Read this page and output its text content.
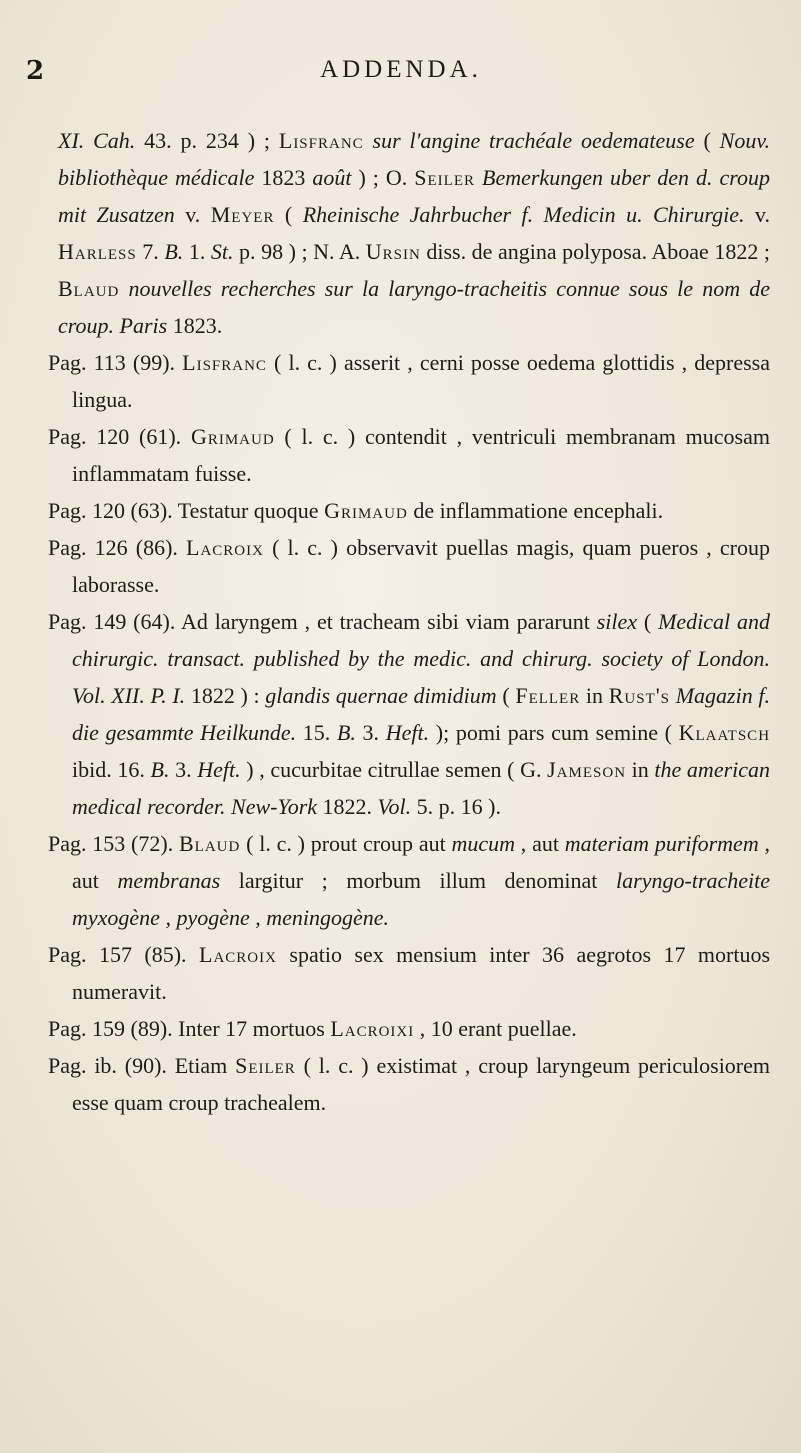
2	ADDENDA.

XI. Cah. 43. p. 234 ) ; Lisfranc sur l'angine trachéale oedemateuse ( Nouv. bibliothèque médicale 1823 août ) ; O. Seiler Bemerkungen uber den d. croup mit Zusatzen v. Meyer ( Rheinische Jahrbucher f. Medicin u. Chirurgie. v. Harless 7. B. 1. St. p. 98 ) ; N. A. Ursin diss. de angina polyposa. Aboae 1822 ; Blaud nouvelles recherches sur la laryngo-tracheitis connue sous le nom de croup. Paris 1823.

Pag. 113 (99). Lisfranc ( l. c. ) asserit , cerni posse oedema glottidis , depressa lingua.

Pag. 120 (61). Grimaud ( l. c. ) contendit , ventriculi membranam mucosam inflammatam fuisse.

Pag. 120 (63). Testatur quoque Grimaud de inflammatione encephali.

Pag. 126 (86). Lacroix ( l. c. ) observavit puellas magis, quam pueros , croup laborasse.

Pag. 149 (64). Ad laryngem , et tracheam sibi viam pararunt silex ( Medical and chirurgic. transact. published by the medic. and chirurg. society of London. Vol. XII. P. I. 1822 ) : glandis quernae dimidium ( Feller in Rust's Magazin f. die gesammte Heilkunde. 15. B. 3. Heft. ); pomi pars cum semine ( Klaatsch ibid. 16. B. 3. Heft. ) , cucurbitae citrullae semen ( G. Jameson in the american medical recorder. New-York 1822. Vol. 5. p. 16 ).

Pag. 153 (72). Blaud ( l. c. ) prout croup aut mucum , aut materiam puriformem , aut membranas largitur ; morbum illum denominat laryngo-tracheite myxogène , pyogène , meningogène.

Pag. 157 (85). Lacroix spatio sex mensium inter 36 aegrotos 17 mortuos numeravit.

Pag. 159 (89). Inter 17 mortuos Lacroixi , 10 erant puellae.

Pag. ib. (90). Etiam Seiler ( l. c. ) existimat , croup laryngeum periculosiorem esse quam croup trachealem.
